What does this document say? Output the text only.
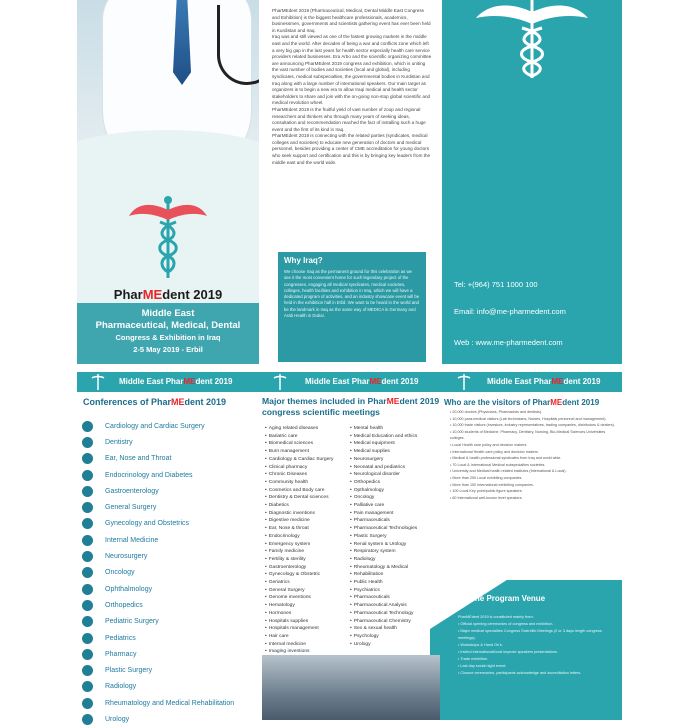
PharMEdent 2019
Middle East
Pharmaceutical, Medical, Dental
Congress & Exhibition in Iraq
2-5 May 2019 - Erbil

PharMEdent 2019 (Pharmaceutical, Medical, Dental Middle East Congress and Exhibition) is the biggest healthcare professionals, academics, businessmen, governments and scientists gathering event has ever been held in Kurdistan and Iraq.

Iraq was and still viewed as one of the fastest growing markets in the middle east and the world. After decades of being a war and conflicts zone which left a very big gap in the last years for health sector especially health care service providers related businesses. Era Arbo and the scientific organizing committee are announcing PharMEdent 2019 congress and exhibition, which is uniting the vast number of bodies and societies (local and global), including syndicates, medical subspecialties, the governmental bodies in Kurdistan and Iraq along with a large number of international speakers. Our main target as organizers is to begin a new era to allow Iraqi medical and health sector stakeholders to share and join with the on-going non-stop global scientific and medical revolution wheel.

PharMEdent 2019 is the fruitful yield of vast number of zoop and regional researchers and thinkers who through many years of seeking ideas, consultation and recommendation reached the fact of installing such a huge event and the first of its kind in Iraq.

PharMEdent 2019 is connecting with the related parties (syndicates, medical colleges and societies) to educate new generation of doctors and medical personnel, besides providing a center of CME accreditation for young doctors who seek support and certification and this is by bringing key leaders from the middle east and the world wide.

Why Iraq?

We choose Iraq as the permanent ground for this celebration as we see it the most convenient home for such legendary project of the congresses, engaging all medical syndicates, medical societies, colleges, health facilities and exhibition in Iraq, which we will have a dedicated program of activities, and an industry showcase event will be held in the exhibition hall in Erbil. We want to be heard in the world and be the landmark in Iraq as the same way of MEDICA in Germany and Arab Health in Dubai.

Tel: +(964) 751 1000 100
Email: info@me-pharmedent.com
Web : www.me-pharmedent.com
Middle East PharMEdent 2019	Middle East PharMEdent 2019	Middle East PharMEdent 2019
Conferences of PharMEdent 2019
Cardiology and Cardiac Surgery
Dentistry
Ear, Nose and Throat
Endocrinology and Diabetes
Gastroenterology
General Surgery
Gynecology and Obstetrics
Internal Medicine
Neurosurgery
Oncology
Ophthalmology
Orthopedics
Pediatric Surgery
Pediatrics
Pharmacy
Plastic Surgery
Radiology
Rheumatology and Medical Rehabilitation
Urology
Major themes included in PharMEdent 2019 congress scientific meetings
• Aging related diseases
• Bariatric care
• Biomedical sciences
• Burn management
• Cardiology & Cardiac Surgery
• Clinical pharmacy
• Chronic Diseases
• Community health
• Cosmetics and Body care
• Dentistry & Dental sciences
• Diabetics
• Diagnostic inventions
• Digestive medicine
• Ear, Nose & throat
• Endocrinology
• Emergency system
• Family medicine
• Fertility & sterility
• Gastroenterology
• Gynecology & Obstetric
• Geriatrics
• General Surgery
• Genome inventions
• Hematology
• Hormones
• Hospitals supplies
• Hospitals management
• Hair care
• Internal medicine
• Imaging inventions
•
•
•
•
• Mental health
• Medical Education and ethics
• Medical equipment
• Medical supplies
• Neurosurgery
• Neonatal and pediatrics
• Neurological disorder
• Orthopedics
• Opthalmology
• Oncology
• Palliative care
• Pain management
• Pharmaceuticals
• Pharmaceutical Technologies
• Plastic Surgery
• Renal system & Urology
• Respiratory system
• Radiology
• Rheumatology & Medical
• Rehabilitation
• Public Health
• Psychiatrics
• Pharmaceuticals
• Pharmaceutical Analysis
• Pharmaceutical Technology
• Pharmaceutical Chemistry
• Sex & sexual health
• Psychology
• Urology
Who are the visitors of PharMEdent 2019
• 20,000 doctors (Physicians, Pharmacists and dentists).
• 10,000 para-medical visitors (Lab technicians, Nurses, Hospitals personnel and management).
• 10,000 trade visitors (investors, industry representatives, trading companies, distributors & dealers).
• 10,000 students of Medicine, Pharmacy, Dentistry, Nursing, Bio-Medical Sciences Universities colleges.
• Local Health care policy and decision makers.
• International Health care policy and decision makers.
• Medical & health professional syndicates from Iraq and world wide.
• 70 Local & International Medical subspecialties societies.
• University and Medical health related institutes (International & Local).
• More than 250 Local exhibiting companies.
• More than 100 International exhibiting companies.
• 100 Local Key point/public figure speakers.
• 60 International well-known level speakers.
The Program Venue
PharMEdent 2019 is constituted mainly from:
• Official opening ceremonies of congress and exhibition.
• Major medical specialties Congress Scientific Meetings (2 or 3 days length congress meetings).
• Workshops & Hand On's.
• Invited international/local keynote speakers presentations.
• Trade exhibition.
• Last day social night event.
• Closure ceremonies, participants acknowledge and accreditation letters.
